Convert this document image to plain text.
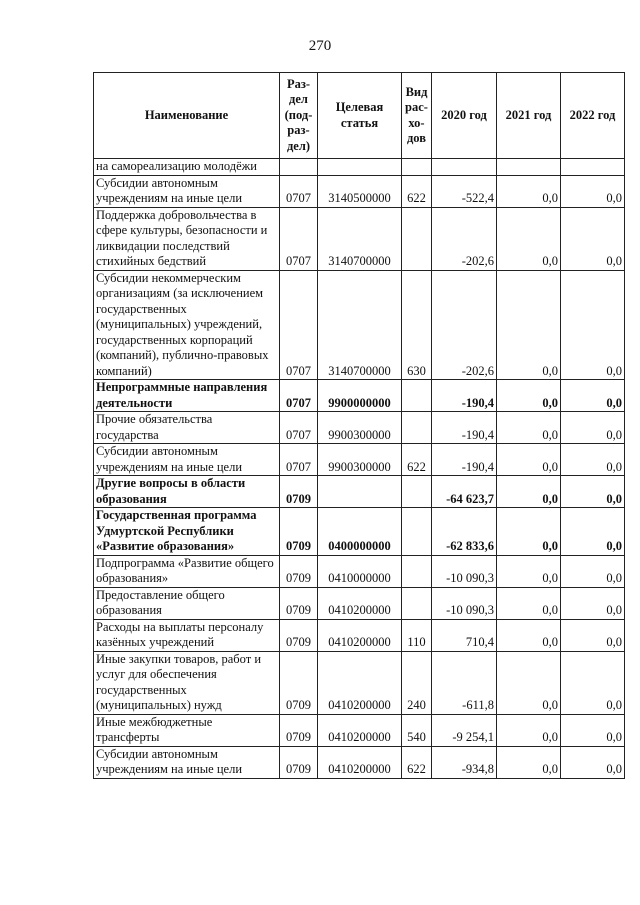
270
Наименование	Раз-дел (под-раз-дел)	Целевая статья	Вид рас-хо-дов	2020 год	2021 год	2022 год
на самореализацию молодёжи						
Субсидии автономным учреждениям на иные цели	0707	3140500000	622	-522,4	0,0	0,0
Поддержка добровольчества в сфере культуры, безопасности и ликвидации последствий стихийных бедствий	0707	3140700000		-202,6	0,0	0,0
Субсидии некоммерческим организациям (за исключением государственных (муниципальных) учреждений, государственных корпораций (компаний), публично-правовых компаний)	0707	3140700000	630	-202,6	0,0	0,0
Непрограммные направления деятельности	0707	9900000000		-190,4	0,0	0,0
Прочие обязательства государства	0707	9900300000		-190,4	0,0	0,0
Субсидии автономным учреждениям на иные цели	0707	9900300000	622	-190,4	0,0	0,0
Другие вопросы в области образования	0709			-64 623,7	0,0	0,0
Государственная программа Удмуртской Республики «Развитие образования»	0709	0400000000		-62 833,6	0,0	0,0
Подпрограмма «Развитие общего образования»	0709	0410000000		-10 090,3	0,0	0,0
Предоставление общего образования	0709	0410200000		-10 090,3	0,0	0,0
Расходы на выплаты персоналу казённых учреждений	0709	0410200000	110	710,4	0,0	0,0
Иные закупки товаров, работ и услуг для обеспечения государственных (муниципальных) нужд	0709	0410200000	240	-611,8	0,0	0,0
Иные межбюджетные трансферты	0709	0410200000	540	-9 254,1	0,0	0,0
Субсидии автономным учреждениям на иные цели	0709	0410200000	622	-934,8	0,0	0,0
